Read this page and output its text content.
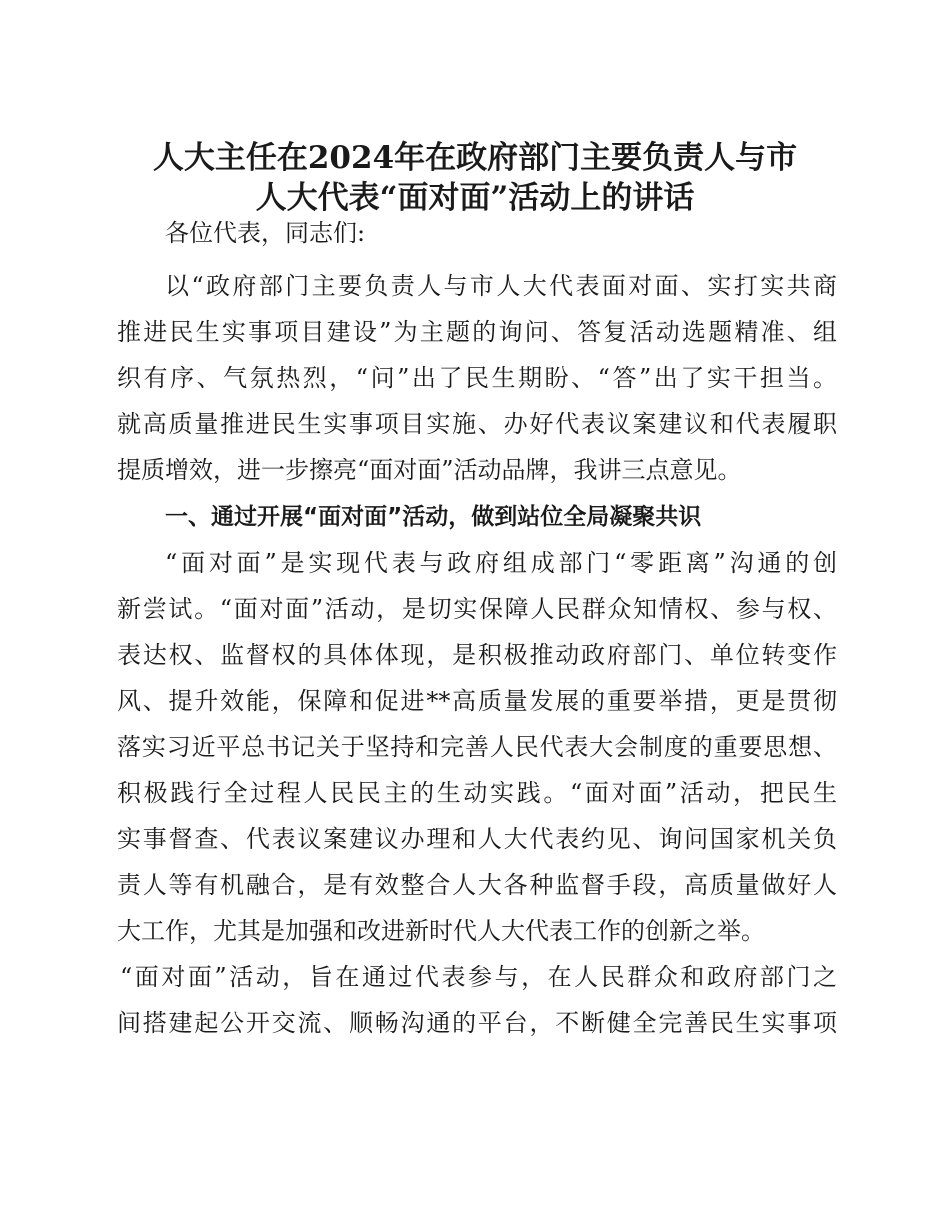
人大主任在2024年在政府部门主要负责人与市
人大代表“面对面”活动上的讲话

各位代表，同志们:

以“政府部门主要负责人与市人大代表面对面、实打实共商

推进民生实事项目建设”为主题的询问、答复活动选题精准、组

织有序、气氛热烈，“问”出了民生期盼、“答”出了实干担当。

就高质量推进民生实事项目实施、办好代表议案建议和代表履职

提质增效，进一步擦亮“面对面”活动品牌，我讲三点意见。

一、通过开展“面对面”活动，做到站位全局凝聚共识

“面对面”是实现代表与政府组成部门“零距离”沟通的创

新尝试。“面对面”活动，是切实保障人民群众知情权、参与权、

表达权、监督权的具体体现，是积极推动政府部门、单位转变作

风、提升效能，保障和促进**高质量发展的重要举措，更是贯彻

落实习近平总书记关于坚持和完善人民代表大会制度的重要思想、

积极践行全过程人民民主的生动实践。“面对面”活动，把民生

实事督查、代表议案建议办理和人大代表约见、询问国家机关负

责人等有机融合，是有效整合人大各种监督手段，高质量做好人

大工作，尤其是加强和改进新时代人大代表工作的创新之举。

“面对面”活动，旨在通过代表参与，在人民群众和政府部门之

间搭建起公开交流、顺畅沟通的平台，不断健全完善民生实事项
